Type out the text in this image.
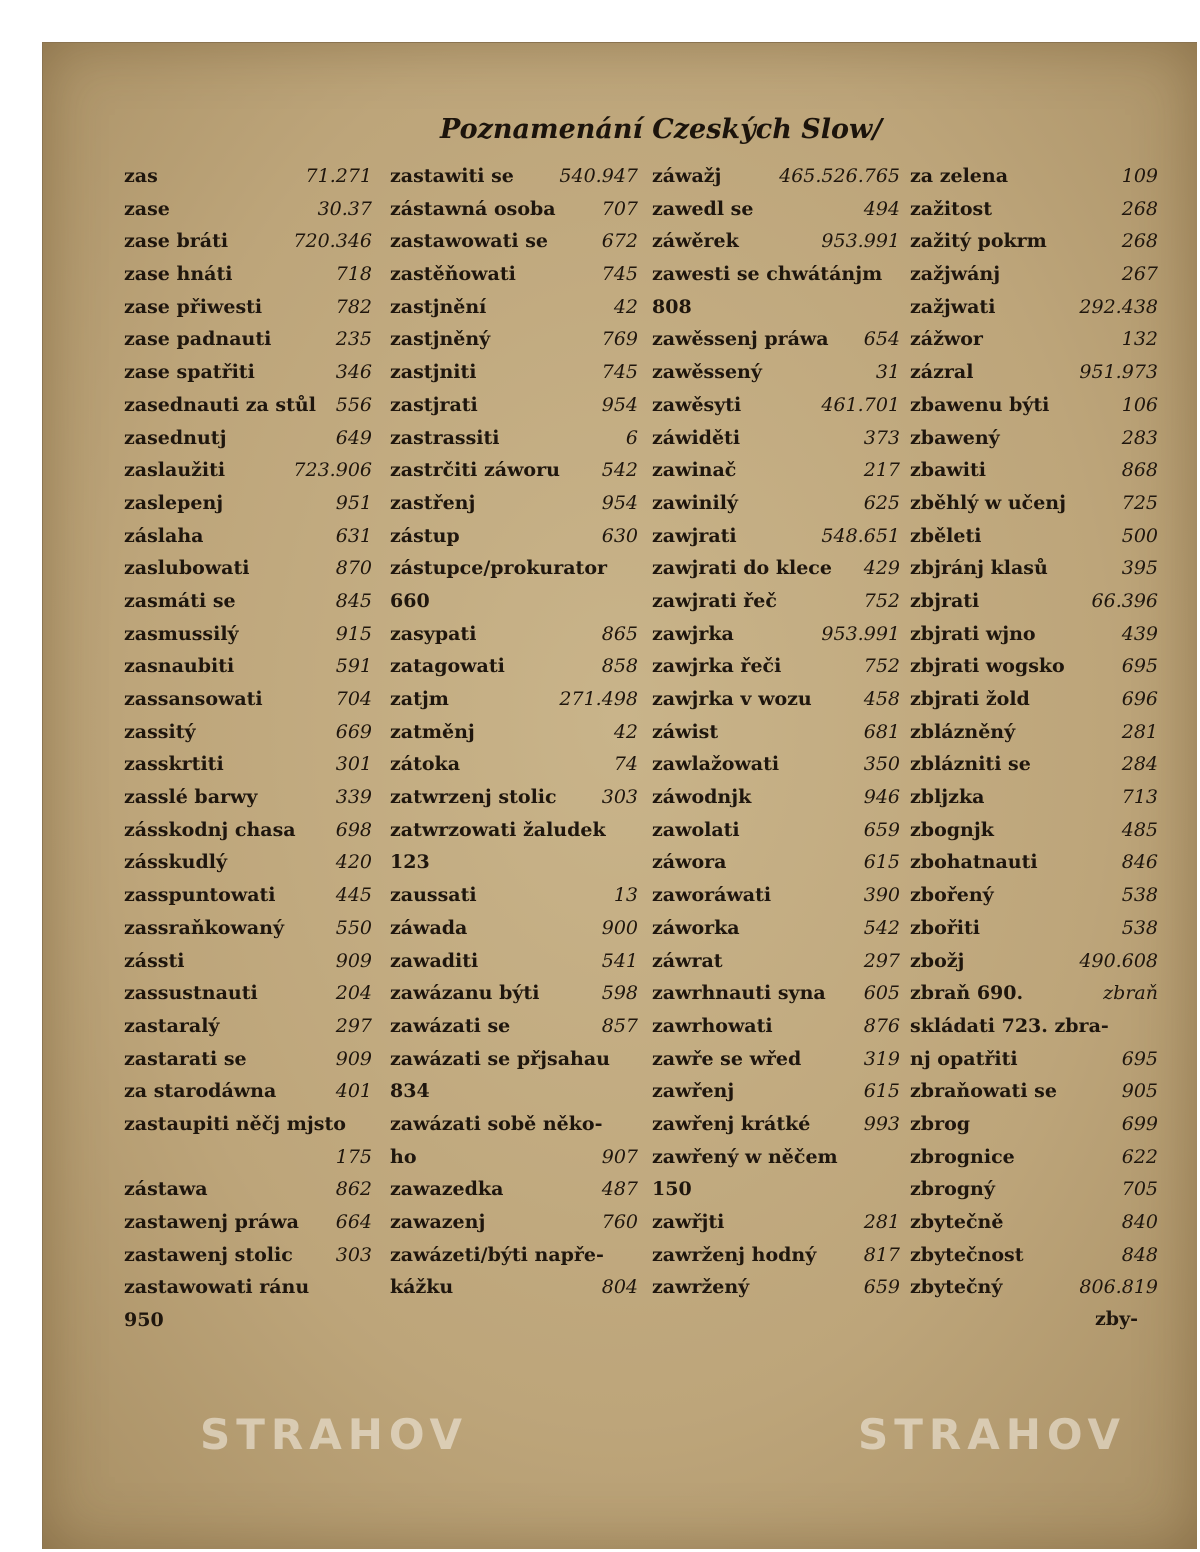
Poznamenání Czeských Slow/
zas	71.271
zase	30.37
zase bráti	720.346
zase hnáti	718
zase přiwesti	782
zase padnauti	235
zase spatřiti	346
zasednauti za stůl 556
zasednutj	649
zaslaužiti	723.906
zaslepenj	951
záslaha	631
zaslubowati	870
zasmáti se	845
zasmussilý	915
zasnaubiti	591
zassansowati	704
zassitý	669
zasskrtiti	301
zasslé barwy	339
zásskodnj chasa 698
zásskudlý	420
zasspuntowati	445
zassraňkowaný	550
zássti	909
zassustnauti	204
zastaralý	297
zastarati se	909
za starodáwna	401
zastaupiti něčj mjsto
175
zástawa	862
zastawenj práwa 664
zastawenj stolic 303
zastawowati ránu
950
zastawiti se 540.947
zástawná osoba 707
zastawowati se	672
zastěňowati	745
zastjnění	42
zastjněný	769
zastjniti	745
zastjrati	954
zastrassiti	6
zastrčiti záworu 542
zastřenj	954
zástup	630
zástupce/prokurator
660
zasypati	865
zatagowati	858
zatjm	271.498
zatměnj	42
zátoka	74
zatwrzenj stolic 303
zatwrzowati žaludek
123
zaussati	13
záwada	900
zawaditi	541
zawázanu býti	598
zawázati se	857
zawázati se přjsahau
834
zawázati sobě něko-
ho	907
zawazedka	487
zawazenj	760
zawázeti/býti napře-
kážku	804
záwažj	465.526.765
zawedl se	494
záwěrek	953.991
zawesti se chwátánjm
808
zawěssenj práwa 654
zawěssený	31
zawěsyti	461.701
záwiděti	373
zawinač	217
zawinilý	625
zawjrati	548.651
zawjrati do klece 429
zawjrati řeč	752
zawjrka	953.991
zawjrka řeči	752
zawjrka v wozu	458
záwist	681
zawlažowati	350
záwodnjk	946
zawolati	659
záwora	615
zaworáwati	390
záworka	542
záwrat	297
zawrhnauti syna 605
zawrhowati	876
zawře se wřed	319
zawřenj	615
zawřenj krátké	993
zawřený w něčem
150
zawřjti	281
zawrženj hodný 817
zawržený	659
za zelena	109
zažitost	268
zažitý pokrm	268
zažjwánj	267
zažjwati	292.438
zážwor	132
zázral	951.973
zbawenu býti	106
zbawený	283
zbawiti	868
zběhlý w učenj	725
zběleti	500
zbjránj klasů	395
zbjrati	66.396
zbjrati wjno	439
zbjrati wogsko	695
zbjrati žold	696
zblázněný	281
zblázniti se	284
zbljzka	713
zbognjk	485
zbohatnauti	846
zbořený	538
zbořiti	538
zbožj	490.608
zbraň 690.	zbraň
skládati 723. zbra-
nj opatřiti	695
zbraňowati se	905
zbrog	699
zbrognice	622
zbrogný	705
zbytečně	840
zbytečnost	848
zbytečný	806.819
zby-
STRAHOV	STRAHOV
